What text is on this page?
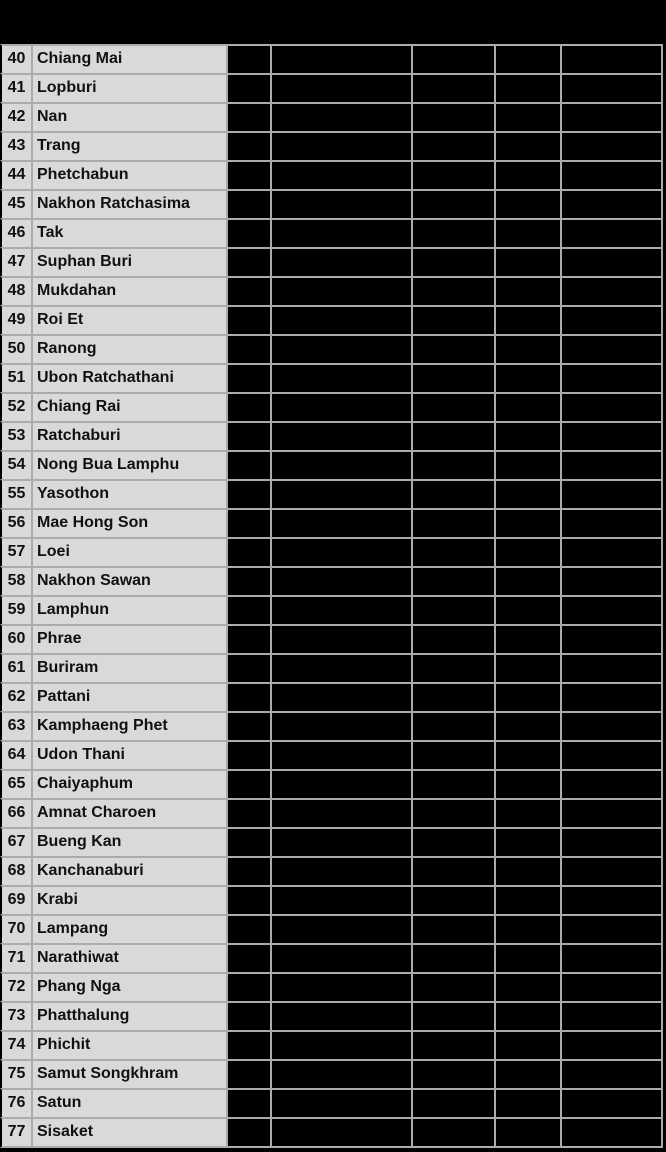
40 Chiang Mai
41 Lopburi
42 Nan
43 Trang
44 Phetchabun
45 Nakhon Ratchasima
46 Tak
47 Suphan Buri
48 Mukdahan
49 Roi Et
50 Ranong
51 Ubon Ratchathani
52 Chiang Rai
53 Ratchaburi
54 Nong Bua Lamphu
55 Yasothon
56 Mae Hong Son
57 Loei
58 Nakhon Sawan
59 Lamphun
60 Phrae
61 Buriram
62 Pattani
63 Kamphaeng Phet
64 Udon Thani
65 Chaiyaphum
66 Amnat Charoen
67 Bueng Kan
68 Kanchanaburi
69 Krabi
70 Lampang
71 Narathiwat
72 Phang Nga
73 Phatthalung
74 Phichit
75 Samut Songkhram
76 Satun
77 Sisaket
